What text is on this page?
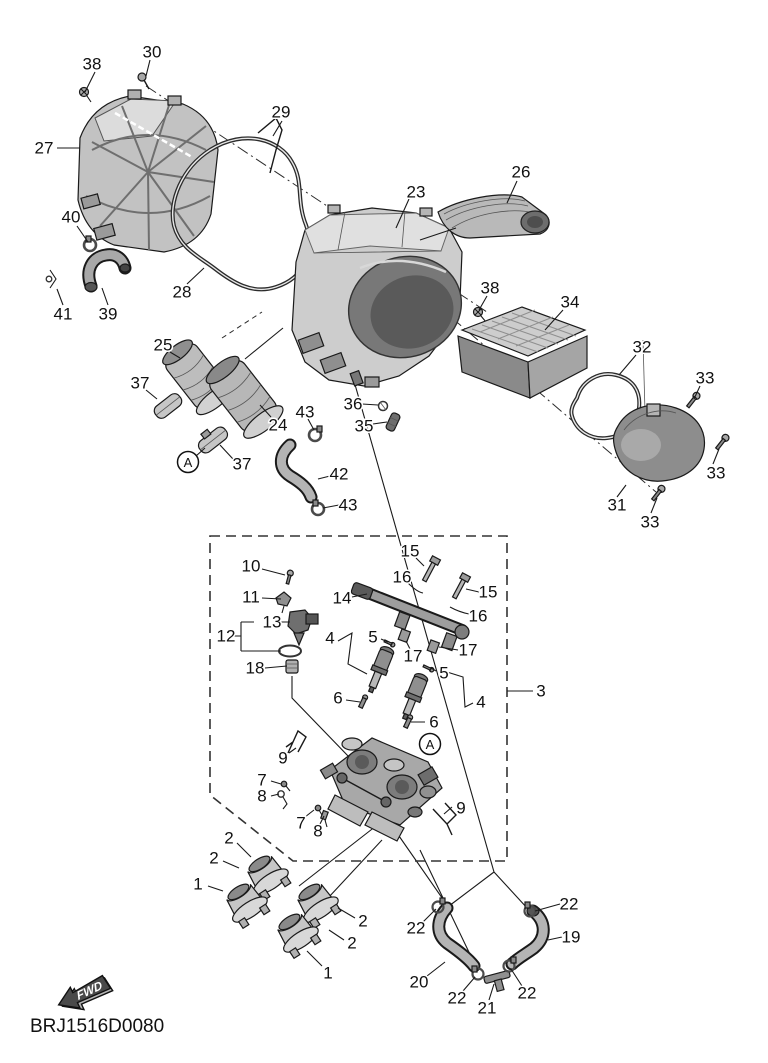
FWD
BRJ1516D0080
38
30
27
29
40
41 39
28
23
26
38
34
32
33
33
31
33
25
37
24
37
36
35
43
42
43
3
10
11
13
12
18
14
15
16
15
16
5
17 17
5
4
4
6
6
9
7
8
7 8
9
2
2
1
2
2
1
22
22
19
20
22
21
22
A
A
